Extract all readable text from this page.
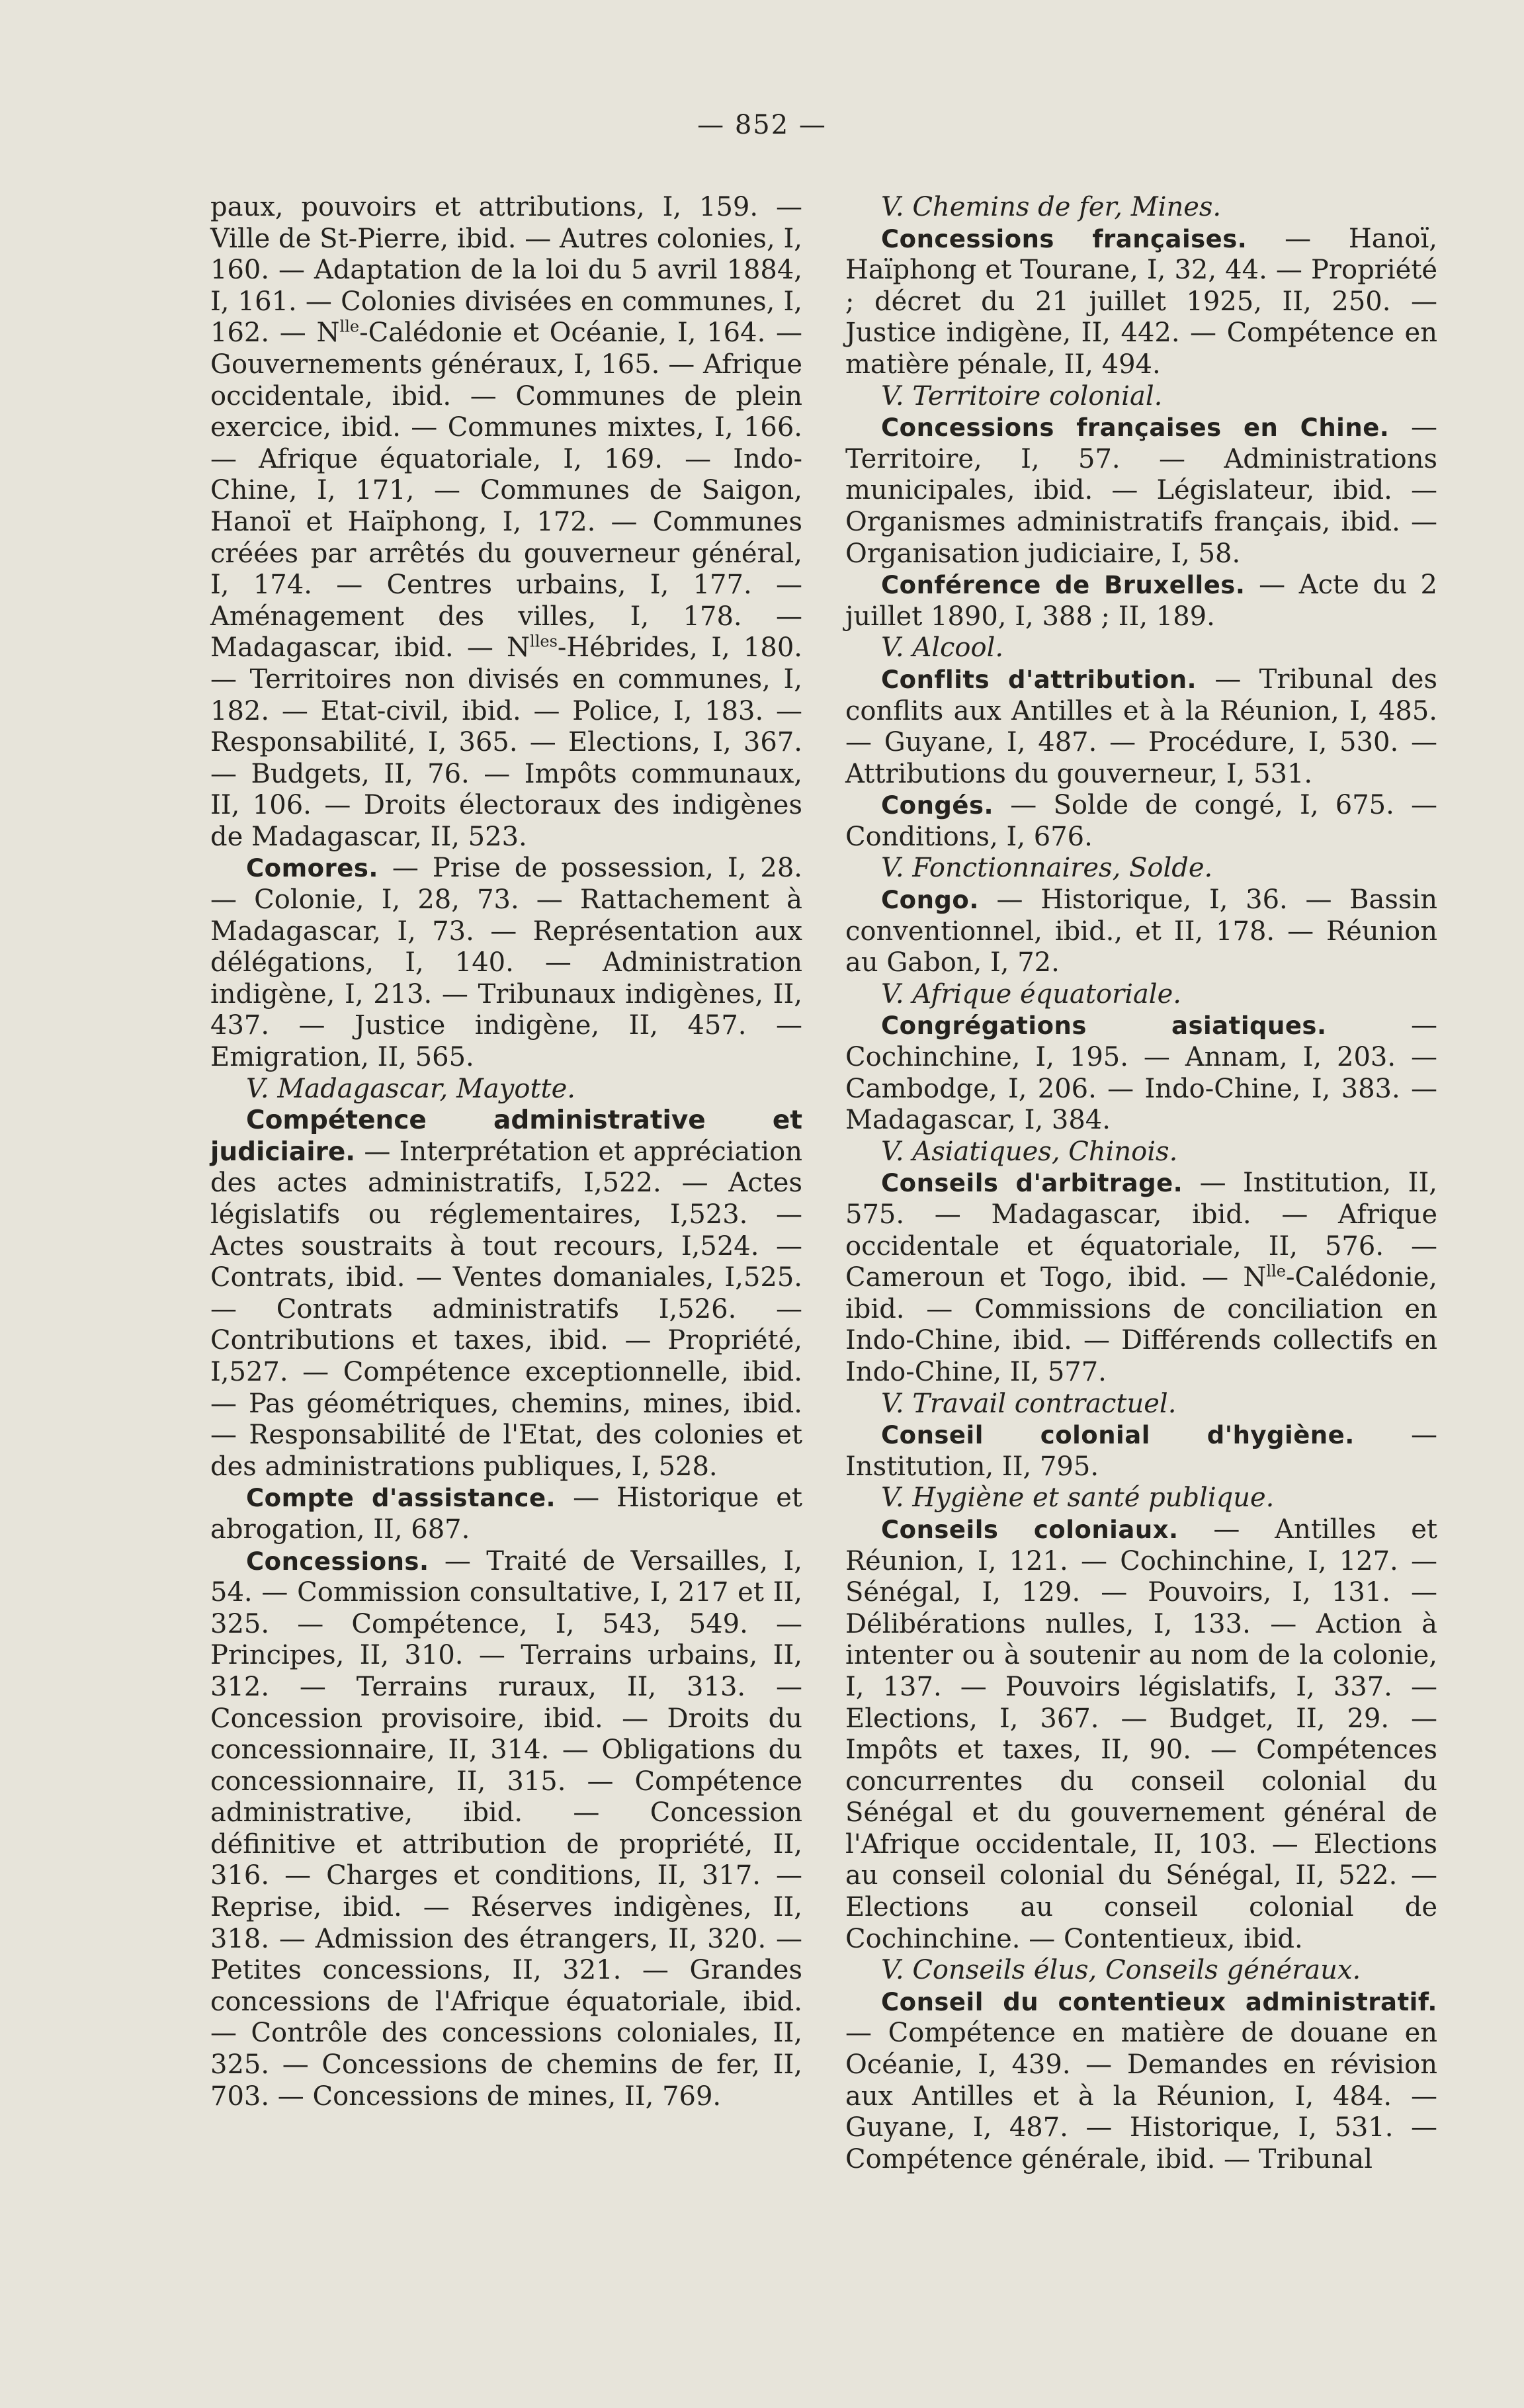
— 852 —

paux, pouvoirs et attributions, I, 159. — Ville de St-Pierre, ibid. — Autres colonies, I, 160. — Adaptation de la loi du 5 avril 1884, I, 161. — Colonies divisées en communes, I, 162. — $N^{lle}$-Calédonie et Océanie, I, 164. — Gouvernements généraux, I, 165. — Afrique occidentale, ibid. — Communes de plein exercice, ibid. — Communes mixtes, I, 166. — Afrique équatoriale, I, 169. — Indo-Chine, I, 171, — Communes de Saigon, Hanoï et Haïphong, I, 172. — Communes créées par arrêtés du gouverneur général, I, 174. — Centres urbains, I, 177. — Aménagement des villes, I, 178. — Madagascar, ibid. — $N^{lles}$-Hébrides, I, 180. — Territoires non divisés en communes, I, 182. — Etat-civil, ibid. — Police, I, 183. — Responsabilité, I, 365. — Elections, I, 367. — Budgets, II, 76. — Impôts communaux, II, 106. — Droits électoraux des indigènes de Madagascar, II, 523.

Comores. — Prise de possession, I, 28. — Colonie, I, 28, 73. — Rattachement à Madagascar, I, 73. — Représentation aux délégations, I, 140. — Administration indigène, I, 213. — Tribunaux indigènes, II, 437. — Justice indigène, II, 457. — Emigration, II, 565.

V. Madagascar, Mayotte.

Compétence administrative et judiciaire. — Interprétation et appréciation des actes administratifs, I,522. — Actes législatifs ou réglementaires, I,523. — Actes soustraits à tout recours, I,524. — Contrats, ibid. — Ventes domaniales, I,525. — Contrats administratifs I,526. — Contributions et taxes, ibid. — Propriété, I,527. — Compétence exceptionnelle, ibid.— Pas géométriques, chemins, mines, ibid. — Responsabilité de l'Etat, des colonies et des administrations publiques, I, 528.

Compte d'assistance. — Historique et abrogation, II, 687.

Concessions. — Traité de Versailles, I, 54. — Commission consultative, I, 217 et II, 325. — Compétence, I, 543, 549. — Principes, II, 310. — Terrains urbains, II, 312. — Terrains ruraux, II, 313. — Concession provisoire, ibid. — Droits du concessionnaire, II, 314. — Obligations du concessionnaire, II, 315. — Compétence administrative, ibid. — Concession définitive et attribution de propriété, II, 316. — Charges et conditions, II, 317. — Reprise, ibid. — Réserves indigènes, II, 318. — Admission des étrangers, II, 320. — Petites concessions, II, 321. — Grandes concessions de l'Afrique équatoriale, ibid. — Contrôle des concessions coloniales, II, 325. — Concessions de chemins de fer, II, 703. — Concessions de mines, II, 769.

V. Chemins de fer, Mines.

Concessions françaises. — Hanoï, Haïphong et Tourane, I, 32, 44. — Propriété ; décret du 21 juillet 1925, II, 250. — Justice indigène, II, 442. — Compétence en matière pénale, II, 494.

V. Territoire colonial.

Concessions françaises en Chine. — Territoire, I, 57. — Administrations municipales, ibid. — Législateur, ibid. — Organismes administratifs français, ibid. — Organisation judiciaire, I, 58.

Conférence de Bruxelles. — Acte du 2 juillet 1890, I, 388 ; II, 189.

V. Alcool.

Conflits d'attribution. — Tribunal des conflits aux Antilles et à la Réunion, I, 485. — Guyane, I, 487. — Procédure, I, 530. — Attributions du gouverneur, I, 531.

Congés. — Solde de congé, I, 675. — Conditions, I, 676.

V. Fonctionnaires, Solde.

Congo. — Historique, I, 36. — Bassin conventionnel, ibid., et II, 178. — Réunion au Gabon, I, 72.

V. Afrique équatoriale.

Congrégations asiatiques. — Cochinchine, I, 195. — Annam, I, 203. — Cambodge, I, 206. — Indo-Chine, I, 383. — Madagascar, I, 384.

V. Asiatiques, Chinois.

Conseils d'arbitrage. — Institution, II, 575. — Madagascar, ibid. — Afrique occidentale et équatoriale, II, 576. — Cameroun et Togo, ibid. — $N^{lle}$-Calédonie, ibid. — Commissions de conciliation en Indo-Chine, ibid. — Différends collectifs en Indo-Chine, II, 577.

V. Travail contractuel.

Conseil colonial d'hygiène. — Institution, II, 795.

V. Hygiène et santé publique.

Conseils coloniaux. — Antilles et Réunion, I, 121. — Cochinchine, I, 127. — Sénégal, I, 129. — Pouvoirs, I, 131. — Délibérations nulles, I, 133. — Action à intenter ou à soutenir au nom de la colonie, I, 137. — Pouvoirs législatifs, I, 337. — Elections, I, 367. — Budget, II, 29. — Impôts et taxes, II, 90. — Compétences concurrentes du conseil colonial du Sénégal et du gouvernement général de l'Afrique occidentale, II, 103. — Elections au conseil colonial du Sénégal, II, 522. — Elections au conseil colonial de Cochinchine. — Contentieux, ibid.

V. Conseils élus, Conseils généraux.

Conseil du contentieux administratif. — Compétence en matière de douane en Océanie, I, 439. — Demandes en révision aux Antilles et à la Réunion, I, 484. — Guyane, I, 487. — Historique, I, 531. — Compétence générale, ibid. — Tribunal
